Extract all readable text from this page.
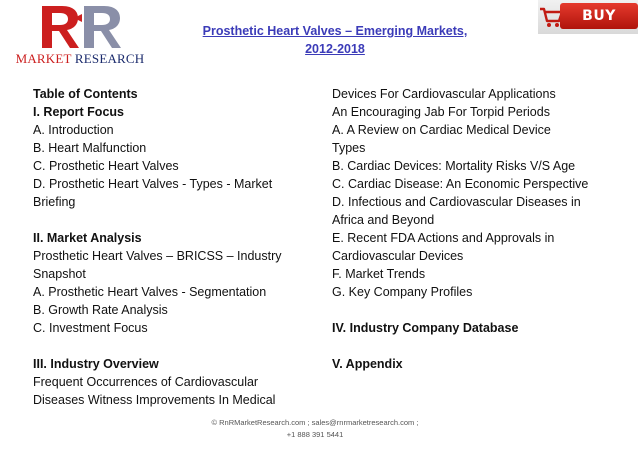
MARKET RESEARCH
Prosthetic Heart Valves – Emerging Markets,
2012-2018
BUY NOW
Table of Contents
I. Report Focus
A. Introduction
B. Heart Malfunction
C. Prosthetic Heart Valves
D. Prosthetic Heart Valves - Types - Market
Briefing
II. Market Analysis
Prosthetic Heart Valves – BRICSS – Industry
Snapshot
A. Prosthetic Heart Valves - Segmentation
B. Growth Rate Analysis
C. Investment Focus
III. Industry Overview
Frequent Occurrences of Cardiovascular
Diseases Witness Improvements In Medical
Devices For Cardiovascular Applications
An Encouraging Jab For Torpid Periods
A. A Review on Cardiac Medical Device
Types
B. Cardiac Devices: Mortality Risks V/S Age
C. Cardiac Disease: An Economic Perspective
D. Infectious and Cardiovascular Diseases in
Africa and Beyond
E. Recent FDA Actions and Approvals in
Cardiovascular Devices
F. Market Trends
G. Key Company Profiles
IV. Industry Company Database
V. Appendix
© RnRMarketResearch.com ; sales@rnrmarketresearch.com ;
+1 888 391 5441
